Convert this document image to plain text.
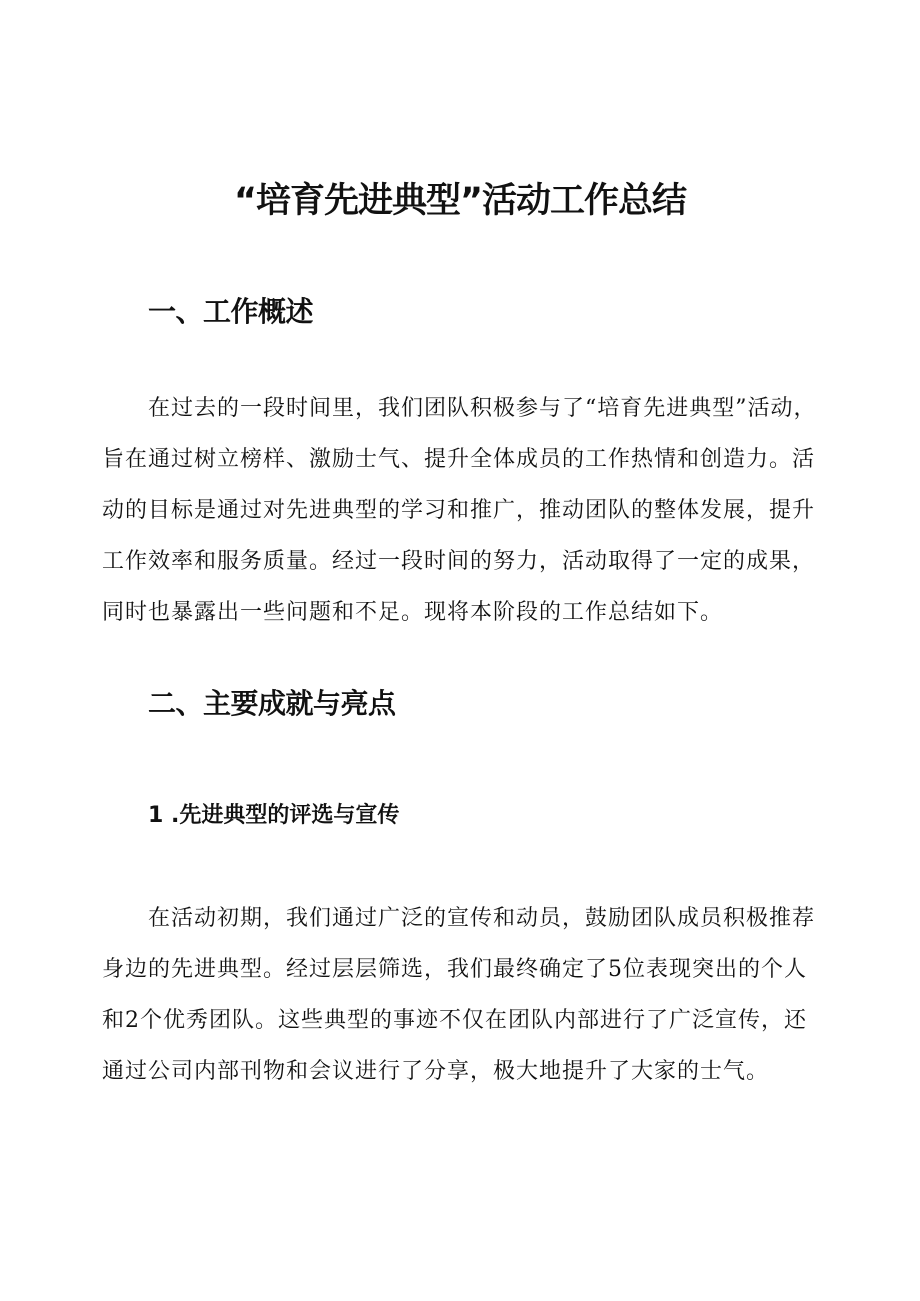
“培育先进典型”活动工作总结
一、工作概述
在过去的一段时间里，我们团队积极参与了“培育先进典型”活动，
旨在通过树立榜样、激励士气、提升全体成员的工作热情和创造力。活
动的目标是通过对先进典型的学习和推广，推动团队的整体发展，提升
工作效率和服务质量。经过一段时间的努力，活动取得了一定的成果，
同时也暴露出一些问题和不足。现将本阶段的工作总结如下。
二、主要成就与亮点
1 .先进典型的评选与宣传
在活动初期，我们通过广泛的宣传和动员，鼓励团队成员积极推荐
身边的先进典型。经过层层筛选，我们最终确定了5位表现突出的个人
和2个优秀团队。这些典型的事迹不仅在团队内部进行了广泛宣传，还
通过公司内部刊物和会议进行了分享，极大地提升了大家的士气。
